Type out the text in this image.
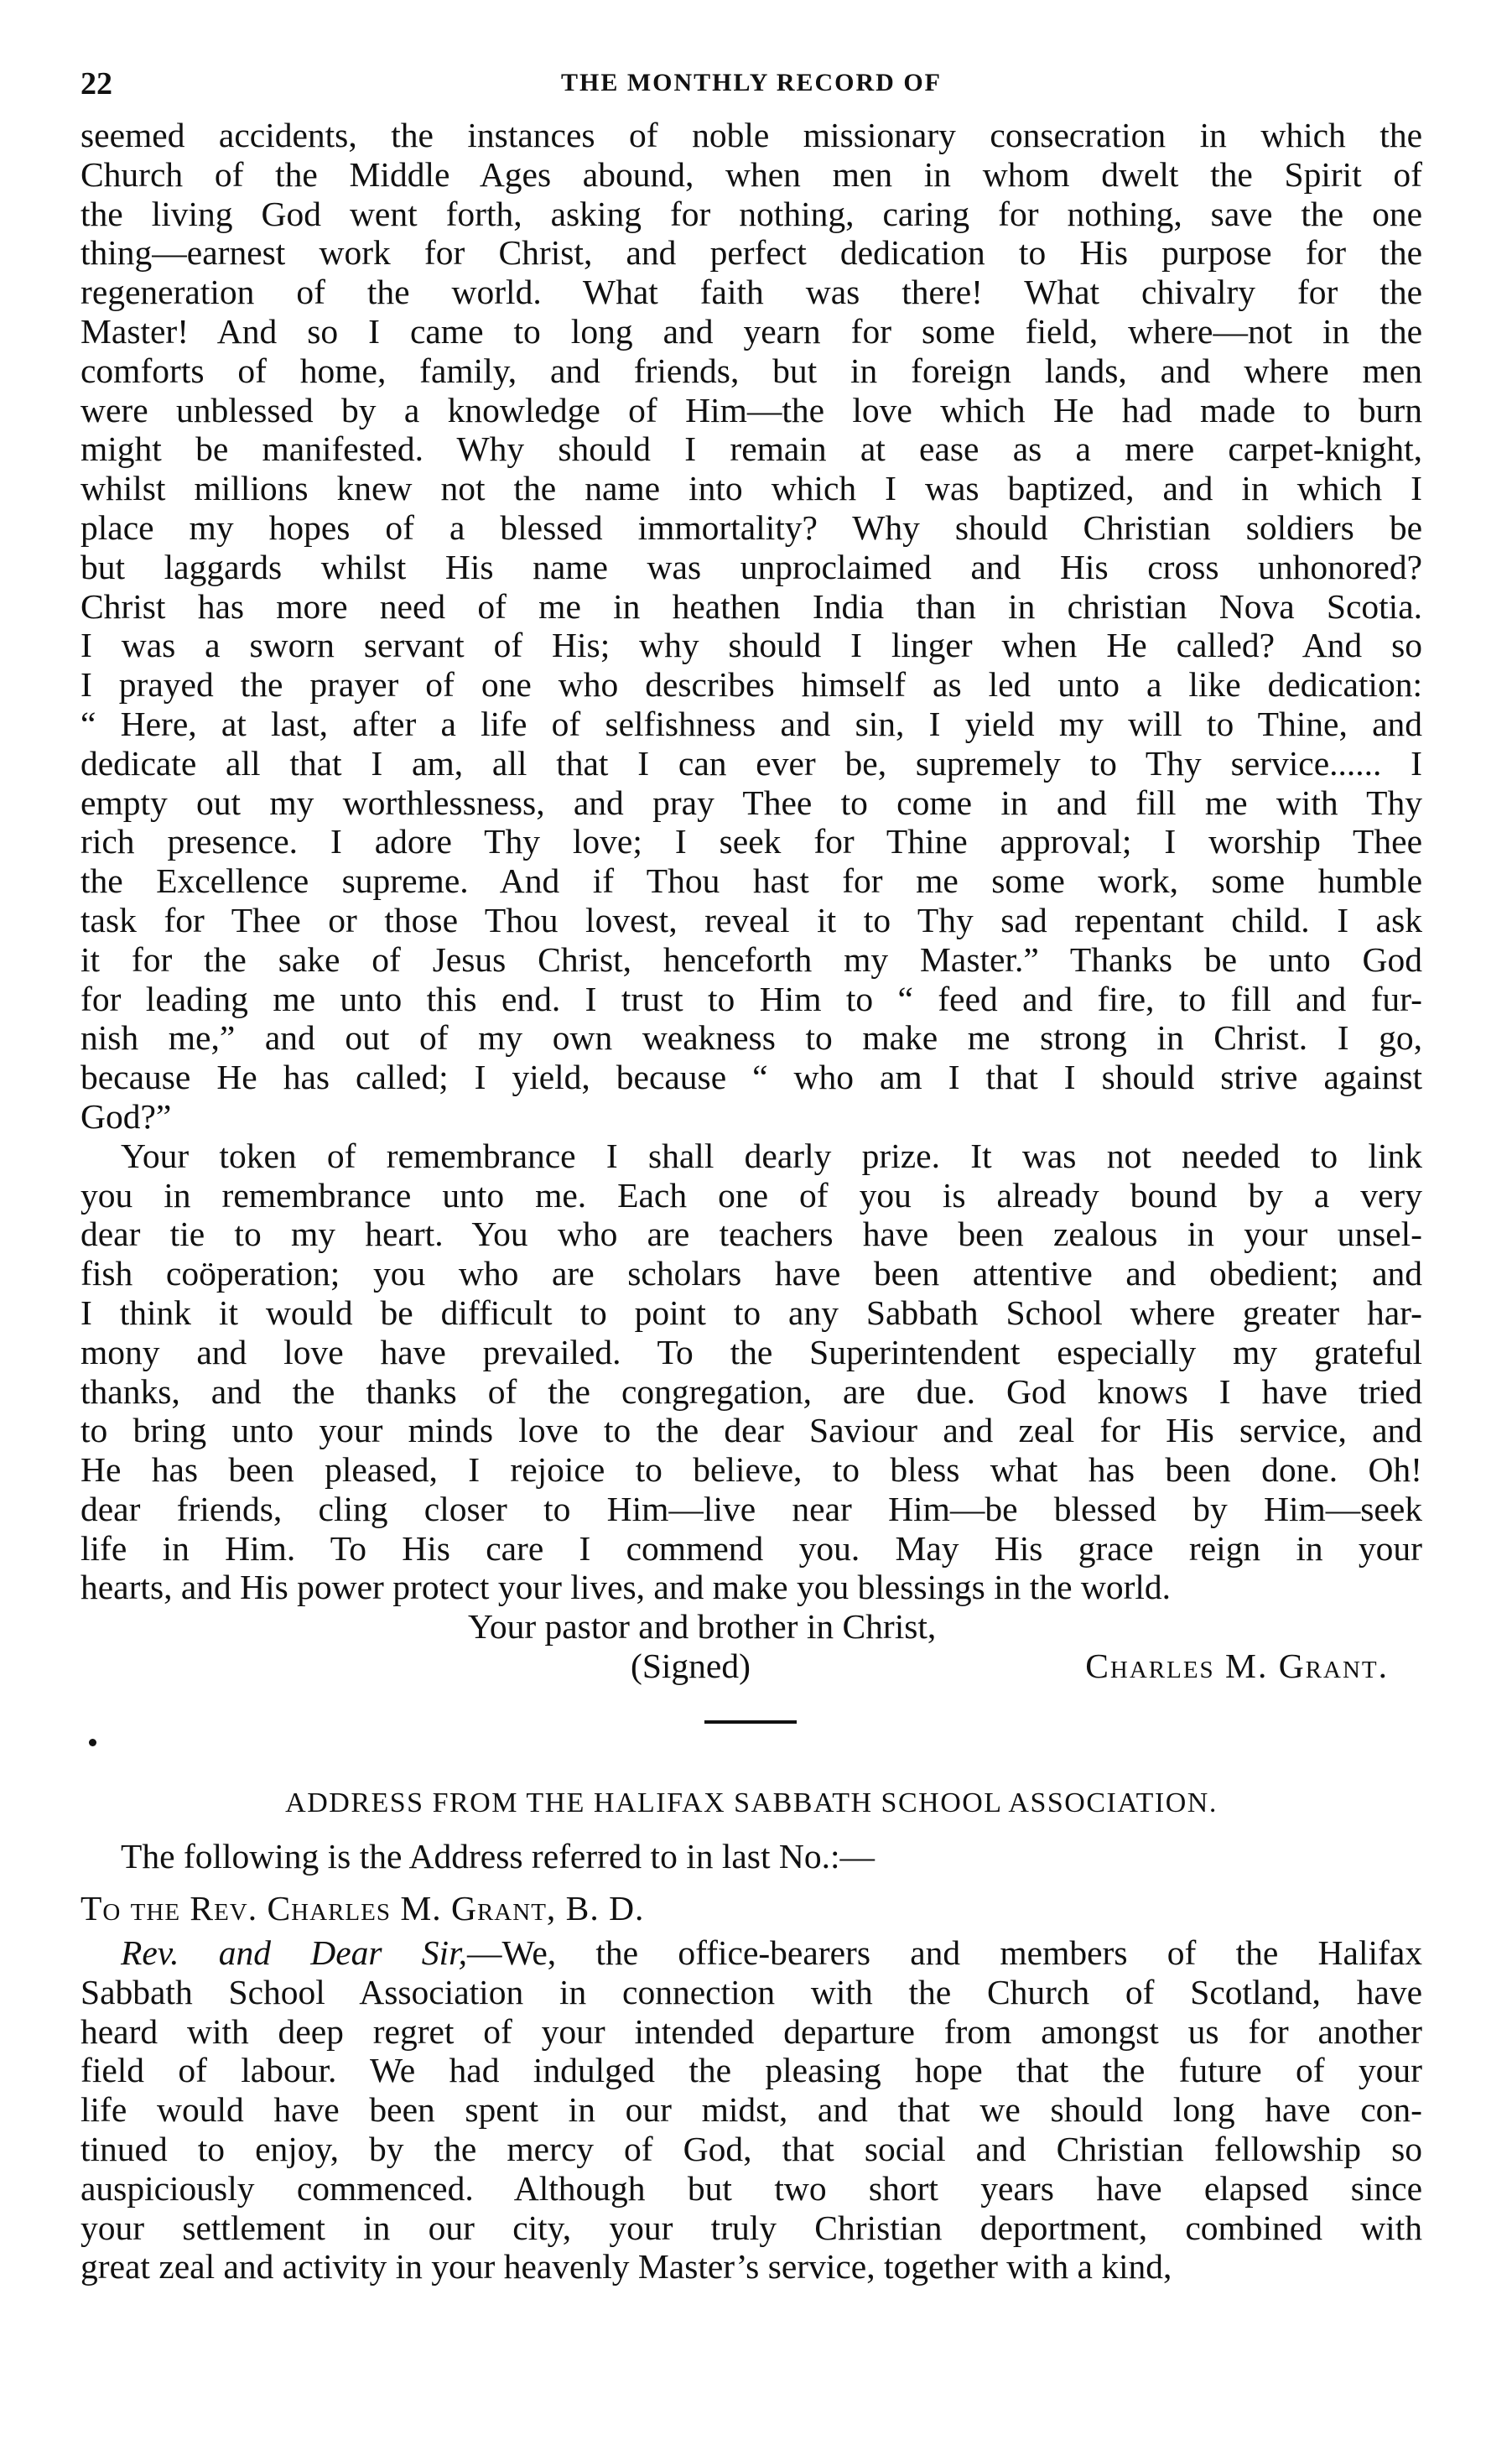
22	THE MONTHLY RECORD OF
seemed accidents, the instances of noble missionary consecration in which the
Church of the Middle Ages abound, when men in whom dwelt the Spirit of
the living God went forth, asking for nothing, caring for nothing, save the one
thing—earnest work for Christ, and perfect dedication to His purpose for the
regeneration of the world. What faith was there! What chivalry for the
Master! And so I came to long and yearn for some field, where—not in the
comforts of home, family, and friends, but in foreign lands, and where men
were unblessed by a knowledge of Him—the love which He had made to burn
might be manifested. Why should I remain at ease as a mere carpet-knight,
whilst millions knew not the name into which I was baptized, and in which I
place my hopes of a blessed immortality? Why should Christian soldiers be
but laggards whilst His name was unproclaimed and His cross unhonored?
Christ has more need of me in heathen India than in christian Nova Scotia.
I was a sworn servant of His; why should I linger when He called? And so
I prayed the prayer of one who describes himself as led unto a like dedication:
“ Here, at last, after a life of selfishness and sin, I yield my will to Thine, and
dedicate all that I am, all that I can ever be, supremely to Thy service...... I
empty out my worthlessness, and pray Thee to come in and fill me with Thy
rich presence. I adore Thy love; I seek for Thine approval; I worship Thee
the Excellence supreme. And if Thou hast for me some work, some humble
task for Thee or those Thou lovest, reveal it to Thy sad repentant child. I ask
it for the sake of Jesus Christ, henceforth my Master.” Thanks be unto God
for leading me unto this end. I trust to Him to “ feed and fire, to fill and fur-
nish me,” and out of my own weakness to make me strong in Christ. I go,
because He has called; I yield, because “ who am I that I should strive against
God?”
Your token of remembrance I shall dearly prize. It was not needed to link
you in remembrance unto me. Each one of you is already bound by a very
dear tie to my heart. You who are teachers have been zealous in your unsel-
fish coöperation; you who are scholars have been attentive and obedient; and
I think it would be difficult to point to any Sabbath School where greater har-
mony and love have prevailed. To the Superintendent especially my grateful
thanks, and the thanks of the congregation, are due. God knows I have tried
to bring unto your minds love to the dear Saviour and zeal for His service, and
He has been pleased, I rejoice to believe, to bless what has been done. Oh!
dear friends, cling closer to Him—live near Him—be blessed by Him—seek
life in Him. To His care I commend you. May His grace reign in your
hearts, and His power protect your lives, and make you blessings in the world.

Your pastor and brother in Christ,

(Signed)	Charles M. Grant.
ADDRESS FROM THE HALIFAX SABBATH SCHOOL ASSOCIATION.

The following is the Address referred to in last No.:—

To the Rev. Charles M. Grant, B. D.

Rev. and Dear Sir,—We, the office-bearers and members of the Halifax
Sabbath School Association in connection with the Church of Scotland, have
heard with deep regret of your intended departure from amongst us for another
field of labour. We had indulged the pleasing hope that the future of your
life would have been spent in our midst, and that we should long have con-
tinued to enjoy, by the mercy of God, that social and Christian fellowship so
auspiciously commenced. Although but two short years have elapsed since
your settlement in our city, your truly Christian deportment, combined with
great zeal and activity in your heavenly Master’s service, together with a kind,
